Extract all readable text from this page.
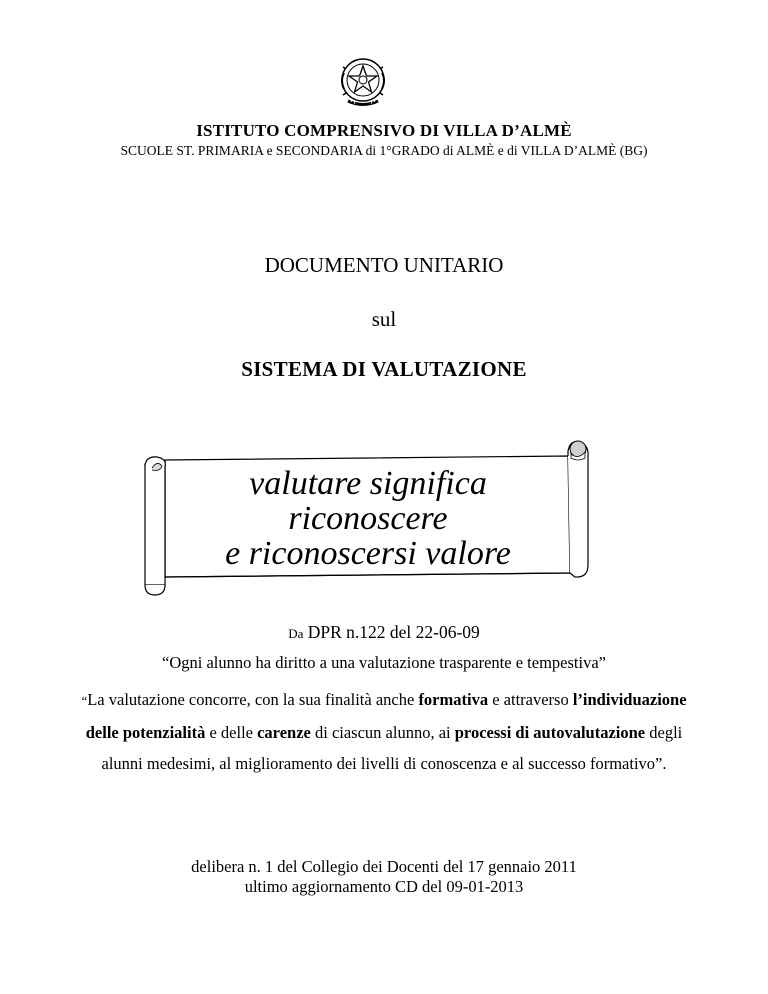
ISTITUTO COMPRENSIVO DI VILLA D’ALMÈ
SCUOLE ST. PRIMARIA e SECONDARIA di 1°GRADO di ALMÈ e di VILLA D’ALMÈ (BG)
DOCUMENTO UNITARIO
sul
SISTEMA DI VALUTAZIONE
valutare significa
riconoscere
e riconoscersi valore
Da DPR n.122 del 22-06-09
“Ogni alunno ha diritto a una valutazione trasparente e tempestiva”
“La valutazione concorre, con la sua finalità anche formativa e attraverso l’individuazione delle potenzialità e delle carenze di ciascun alunno, ai processi di autovalutazione degli alunni medesimi, al miglioramento dei livelli di conoscenza e al successo formativo”.
delibera n. 1 del Collegio dei Docenti del 17 gennaio 2011
ultimo aggiornamento CD del 09-01-2013
